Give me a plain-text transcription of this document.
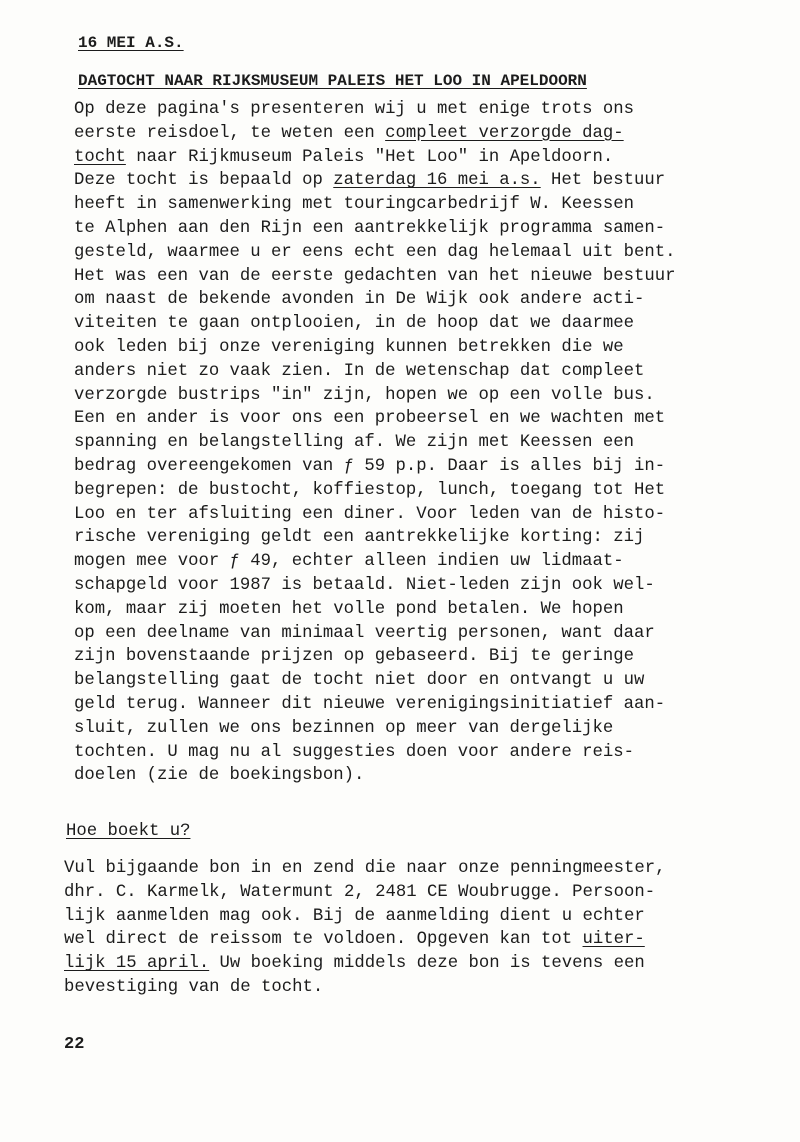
16 MEI A.S.
DAGTOCHT NAAR RIJKSMUSEUM PALEIS HET LOO IN APELDOORN
Op deze pagina's presenteren wij u met enige trots ons
eerste reisdoel, te weten een compleet verzorgde dag-
tocht naar Rijkmuseum Paleis "Het Loo" in Apeldoorn.
Deze tocht is bepaald op zaterdag 16 mei a.s. Het bestuur
heeft in samenwerking met touringcarbedrijf W. Keessen
te Alphen aan den Rijn een aantrekkelijk programma samen-
gesteld, waarmee u er eens echt een dag helemaal uit bent.
Het was een van de eerste gedachten van het nieuwe bestuur
om naast de bekende avonden in De Wijk ook andere acti-
viteiten te gaan ontplooien, in de hoop dat we daarmee
ook leden bij onze vereniging kunnen betrekken die we
anders niet zo vaak zien. In de wetenschap dat compleet
verzorgde bustrips "in" zijn, hopen we op een volle bus.
Een en ander is voor ons een probeersel en we wachten met
spanning en belangstelling af. We zijn met Keessen een
bedrag overeengekomen van ƒ 59 p.p. Daar is alles bij in-
begrepen: de bustocht, koffiestop, lunch, toegang tot Het
Loo en ter afsluiting een diner. Voor leden van de histo-
rische vereniging geldt een aantrekkelijke korting: zij
mogen mee voor ƒ 49, echter alleen indien uw lidmaat-
schapgeld voor 1987 is betaald. Niet-leden zijn ook wel-
kom, maar zij moeten het volle pond betalen. We hopen
op een deelname van minimaal veertig personen, want daar
zijn bovenstaande prijzen op gebaseerd. Bij te geringe
belangstelling gaat de tocht niet door en ontvangt u uw
geld terug. Wanneer dit nieuwe verenigingsinitiatief aan-
sluit, zullen we ons bezinnen op meer van dergelijke
tochten. U mag nu al suggesties doen voor andere reis-
doelen (zie de boekingsbon).
Hoe boekt u?
Vul bijgaande bon in en zend die naar onze penningmeester,
dhr. C. Karmelk, Watermunt 2, 2481 CE Woubrugge. Persoon-
lijk aanmelden mag ook. Bij de aanmelding dient u echter
wel direct de reissom te voldoen. Opgeven kan tot uiter-
lijk 15 april. Uw boeking middels deze bon is tevens een
bevestiging van de tocht.
22
